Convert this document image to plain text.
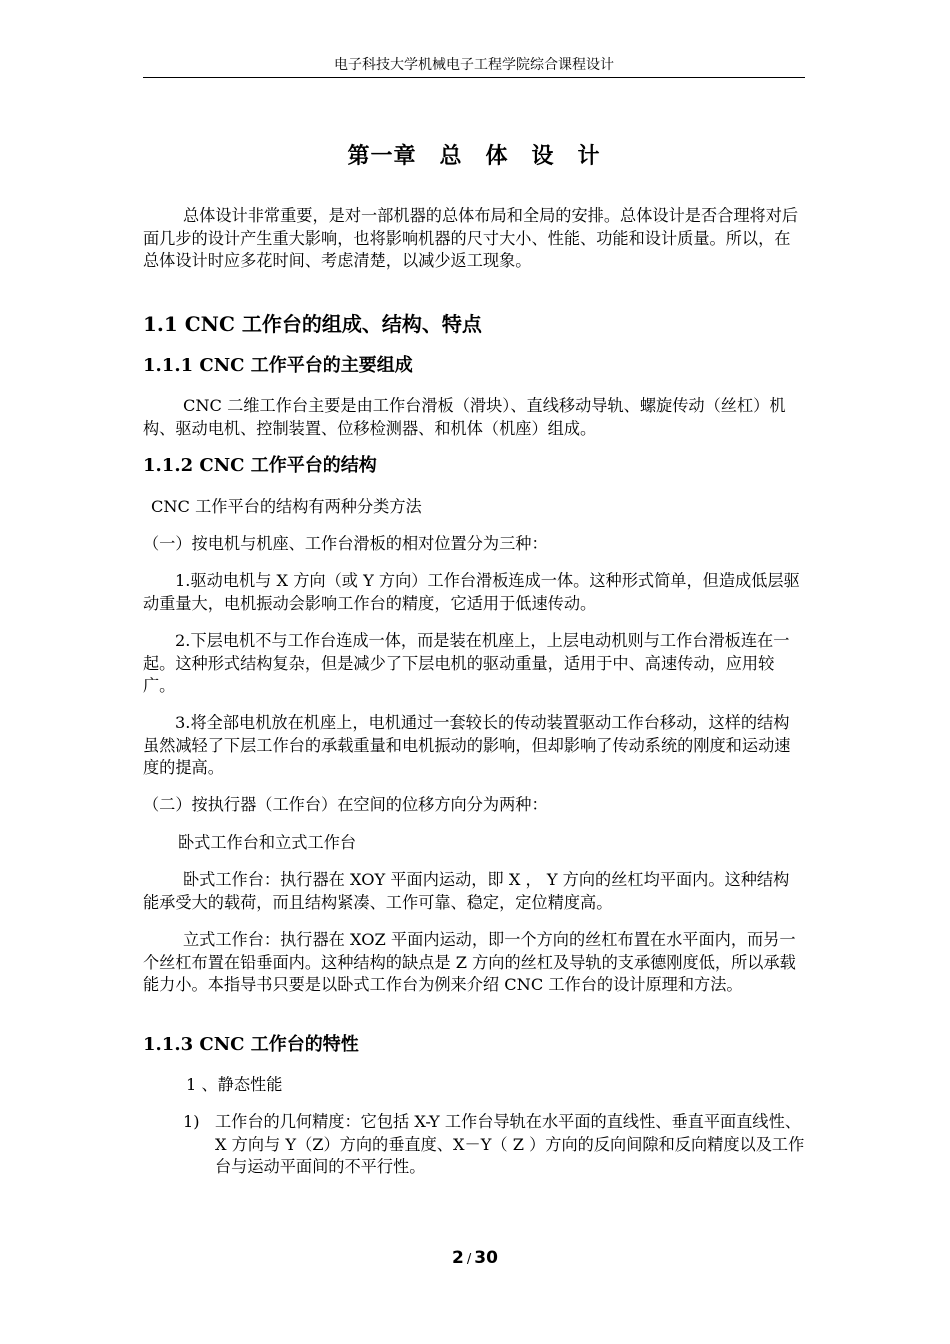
电子科技大学机械电子工程学院综合课程设计
第一章　总　体　设　计

总体设计非常重要，是对一部机器的总体布局和全局的安排。总体设计是否合理将对后面几步的设计产生重大影响，也将影响机器的尺寸大小、性能、功能和设计质量。所以，在总体设计时应多花时间、考虑清楚，以减少返工现象。

1.1 CNC 工作台的组成、结构、特点
1.1.1 CNC 工作平台的主要组成

CNC 二维工作台主要是由工作台滑板（滑块）、直线移动导轨、螺旋传动（丝杠）机构、驱动电机、控制装置、位移检测器、和机体（机座）组成。

1.1.2 CNC 工作平台的结构

CNC 工作平台的结构有两种分类方法

（一）按电机与机座、工作台滑板的相对位置分为三种：

1.驱动电机与 X 方向（或 Y 方向）工作台滑板连成一体。这种形式简单，但造成低层驱动重量大，电机振动会影响工作台的精度，它适用于低速传动。

2.下层电机不与工作台连成一体，而是装在机座上，上层电动机则与工作台滑板连在一起。这种形式结构复杂，但是减少了下层电机的驱动重量，适用于中、高速传动，应用较广。

3.将全部电机放在机座上，电机通过一套较长的传动装置驱动工作台移动，这样的结构虽然减轻了下层工作台的承载重量和电机振动的影响，但却影响了传动系统的刚度和运动速度的提高。

（二）按执行器（工作台）在空间的位移方向分为两种：

卧式工作台和立式工作台

卧式工作台：执行器在 XOY 平面内运动，即 X ， Y 方向的丝杠均平面内。这种结构能承受大的载荷，而且结构紧凑、工作可靠、稳定，定位精度高。

立式工作台：执行器在 XOZ 平面内运动，即一个方向的丝杠布置在水平面内，而另一个丝杠布置在铅垂面内。这种结构的缺点是 Z 方向的丝杠及导轨的支承德刚度低，所以承载能力小。本指导书只要是以卧式工作台为例来介绍 CNC 工作台的设计原理和方法。

1.1.3 CNC 工作台的特性

1 、静态性能

1) 工作台的几何精度：它包括 X-Y 工作台导轨在水平面的直线性、垂直平面直线性、X 方向与 Y（Z）方向的垂直度、X－Y（ Z ）方向的反向间隙和反向精度以及工作台与运动平面间的不平行性。
2 / 30
